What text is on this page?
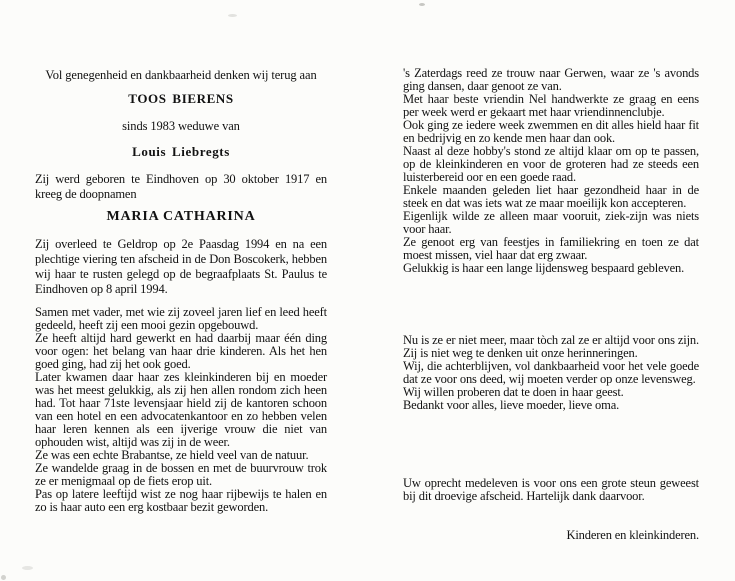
Vol genegenheid en dankbaarheid denken wij terug aan
TOOS BIERENS
sinds 1983 weduwe van
Louis Liebregts
Zij werd geboren te Eindhoven op 30 oktober 1917 en kreeg de doopnamen
MARIA CATHARINA
Zij overleed te Geldrop op 2e Paasdag 1994 en na een plechtige viering ten afscheid in de Don Boscokerk, hebben wij haar te rusten gelegd op de begraafplaats St. Paulus te Eindhoven op 8 april 1994.
Samen met vader, met wie zij zoveel jaren lief en leed heeft gedeeld, heeft zij een mooi gezin opgebouwd.
Ze heeft altijd hard gewerkt en had daarbij maar één ding voor ogen: het belang van haar drie kinderen. Als het hen goed ging, had zij het ook goed.
Later kwamen daar haar zes kleinkinderen bij en moeder was het meest gelukkig, als zij hen allen rondom zich heen had. Tot haar 71ste levensjaar hield zij de kantoren schoon van een hotel en een advocatenkantoor en zo hebben velen haar leren kennen als een ijverige vrouw die niet van ophouden wist, altijd was zij in de weer.
Ze was een echte Brabantse, ze hield veel van de natuur.
Ze wandelde graag in de bossen en met de buurvrouw trok ze er menigmaal op de fiets erop uit.
Pas op latere leeftijd wist ze nog haar rijbewijs te halen en zo is haar auto een erg kostbaar bezit geworden.
's Zaterdags reed ze trouw naar Gerwen, waar ze 's avonds ging dansen, daar genoot ze van.
Met haar beste vriendin Nel handwerkte ze graag en eens per week werd er gekaart met haar vriendinnenclubje.
Ook ging ze iedere week zwemmen en dit alles hield haar fit en bedrijvig en zo kende men haar dan ook.
Naast al deze hobby's stond ze altijd klaar om op te passen, op de kleinkinderen en voor de groteren had ze steeds een luisterbereid oor en een goede raad.
Enkele maanden geleden liet haar gezondheid haar in de steek en dat was iets wat ze maar moeilijk kon accepteren.
Eigenlijk wilde ze alleen maar vooruit, ziek-zijn was niets voor haar.
Ze genoot erg van feestjes in familiekring en toen ze dat moest missen, viel haar dat erg zwaar.
Gelukkig is haar een lange lijdensweg bespaard gebleven.
Nu is ze er niet meer, maar tòch zal ze er altijd voor ons zijn. Zij is niet weg te denken uit onze herinneringen.
Wij, die achterblijven, vol dankbaarheid voor het vele goede dat ze voor ons deed, wij moeten verder op onze levensweg.
Wij willen proberen dat te doen in haar geest.
Bedankt voor alles, lieve moeder, lieve oma.
Uw oprecht medeleven is voor ons een grote steun geweest bij dit droevige afscheid. Hartelijk dank daarvoor.
Kinderen en kleinkinderen.
